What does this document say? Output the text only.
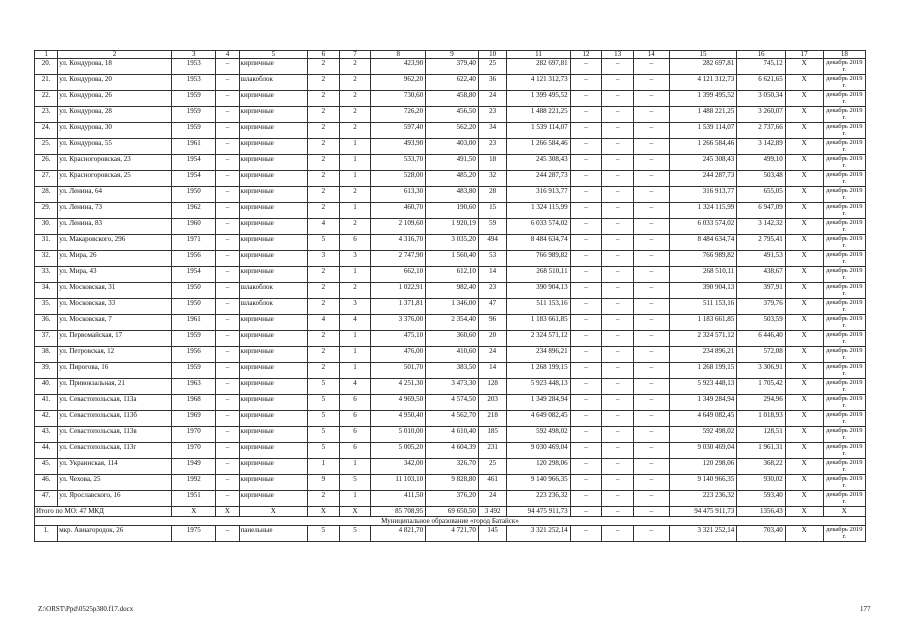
1	2	3	4	5	6	7	8	9	10	11	12	13	14	15	16	17	18
20.	ул. Кондурова, 18	1953	–	кирпичные	2	2	423,90	379,40	25	282 697,81	–	–	–	282 697,81	745,12	Х	декабрь 2019 г.
21.	ул. Кондурова, 20	1953	–	шлакоблок	2	2	962,20	622,40	36	4 121 312,73	–	–	–	4 121 312,73	6 621,65	Х	декабрь 2019 г.
22.	ул. Кондурова, 26	1959	–	кирпичные	2	2	730,60	458,80	24	1 399 495,52	–	–	–	1 399 495,52	3 050,34	Х	декабрь 2019 г.
23.	ул. Кондурова, 28	1959	–	кирпичные	2	2	726,20	456,50	23	1 488 221,25	–	–	–	1 488 221,25	3 260,07	Х	декабрь 2019 г.
24.	ул. Кондурова, 30	1959	–	кирпичные	2	2	597,40	562,20	34	1 539 114,07	–	–	–	1 539 114,07	2 737,66	Х	декабрь 2019 г.
25.	ул. Кондурова, 55	1961	–	кирпичные	2	1	493,90	403,00	23	1 266 584,46	–	–	–	1 266 584,46	3 142,89	Х	декабрь 2019 г.
26.	ул. Красногоровская, 23	1954	–	кирпичные	2	1	533,70	491,50	18	245 308,43	–	–	–	245 308,43	499,10	Х	декабрь 2019 г.
27.	ул. Красногоровская, 25	1954	–	кирпичные	2	1	528,00	485,20	32	244 287,73	–	–	–	244 287,73	503,48	Х	декабрь 2019 г.
28.	ул. Ленина, 64	1950	–	кирпичные	2	2	613,30	483,80	28	316 913,77	–	–	–	316 913,77	655,05	Х	декабрь 2019 г.
29.	ул. Ленина, 73	1962	–	кирпичные	2	1	460,70	190,60	15	1 324 115,99	–	–	–	1 324 115,99	6 947,09	Х	декабрь 2019 г.
30.	ул. Ленина, 83	1960	–	кирпичные	4	2	2 109,60	1 920,19	59	6 033 574,02	–	–	–	6 033 574,02	3 142,32	Х	декабрь 2019 г.
31.	ул. Макаровского, 296	1971	–	кирпичные	5	6	4 316,70	3 035,20	494	8 484 634,74	–	–	–	8 484 634,74	2 795,41	Х	декабрь 2019 г.
32.	ул. Мира, 26	1956	–	кирпичные	3	3	2 747,90	1 560,40	53	766 989,82	–	–	–	766 989,82	491,53	Х	декабрь 2019 г.
33.	ул. Мира, 43	1954	–	кирпичные	2	1	662,10	612,10	14	268 510,11	–	–	–	268 510,11	438,67	Х	декабрь 2019 г.
34.	ул. Московская, 31	1950	–	шлакоблок	2	2	1 022,91	982,40	23	390 904,13	–	–	–	390 904,13	397,91	Х	декабрь 2019 г.
35.	ул. Московская, 33	1950	–	шлакоблок	2	3	1 371,81	1 346,00	47	511 153,16	–	–	–	511 153,16	379,76	Х	декабрь 2019 г.
36.	ул. Московская, 7	1961	–	кирпичные	4	4	3 376,00	2 354,40	96	1 183 661,85	–	–	–	1 183 661,85	503,59	Х	декабрь 2019 г.
37.	ул. Первомайская, 17	1959	–	кирпичные	2	1	475,10	360,60	20	2 324 571,12	–	–	–	2 324 571,12	6 446,40	Х	декабрь 2019 г.
38.	ул. Петровская, 12	1956	–	кирпичные	2	1	476,00	410,60	24	234 896,21	–	–	–	234 896,21	572,08	Х	декабрь 2019 г.
39.	ул. Пирогова, 16	1959	–	кирпичные	2	1	501,70	383,50	14	1 268 199,15	–	–	–	1 268 199,15	3 306,91	Х	декабрь 2019 г.
40.	ул. Привокзальная, 21	1963	–	кирпичные	5	4	4 251,30	3 473,30	128	5 923 448,13	–	–	–	5 923 448,13	1 705,42	Х	декабрь 2019 г.
41.	ул. Севастопольская, 113а	1968	–	кирпичные	5	6	4 969,50	4 574,50	203	1 349 284,94	–	–	–	1 349 284,94	294,96	Х	декабрь 2019 г.
42.	ул. Севастопольская, 113б	1969	–	кирпичные	5	6	4 950,40	4 562,70	218	4 649 082,45	–	–	–	4 649 082,45	1 018,93	Х	декабрь 2019 г.
43.	ул. Севастопольская, 113в	1970	–	кирпичные	5	6	5 010,00	4 610,40	185	592 498,02	–	–	–	592 498,02	128,51	Х	декабрь 2019 г.
44.	ул. Севастопольская, 113г	1970	–	кирпичные	5	6	5 005,20	4 604,39	231	9 030 469,04	–	–	–	9 030 469,04	1 961,31	Х	декабрь 2019 г.
45.	ул. Украинская, 114	1949	–	кирпичные	1	1	342,00	326,70	25	120 298,06	–	–	–	120 298,06	368,22	Х	декабрь 2019 г.
46.	ул. Чехова, 25	1992	–	кирпичные	9	5	11 103,10	9 828,80	461	9 140 966,35	–	–	–	9 140 966,35	930,02	Х	декабрь 2019 г.
47.	ул. Ярославского, 16	1951	–	кирпичные	2	1	411,50	376,20	24	223 236,32	–	–	–	223 236,32	593,40	Х	декабрь 2019 г.
Итого по МО: 47 МКД		Х	Х	Х	Х	Х	85 708,95	69 650,50	3 492	94 475 911,73	–	–	–	94 475 911,73	1356,43	Х	Х
Муниципальное образование «город Батайск»																	
1.	мкр. Авиагородок, 26	1975	–	панельные	5	5	4 821,70	4 721,70	145	3 321 252,14	–	–	–	3 321 252,14	703,40	Х	декабрь 2019 г.
Z:\ORST\Ppd\0525p380.f17.docx	177
